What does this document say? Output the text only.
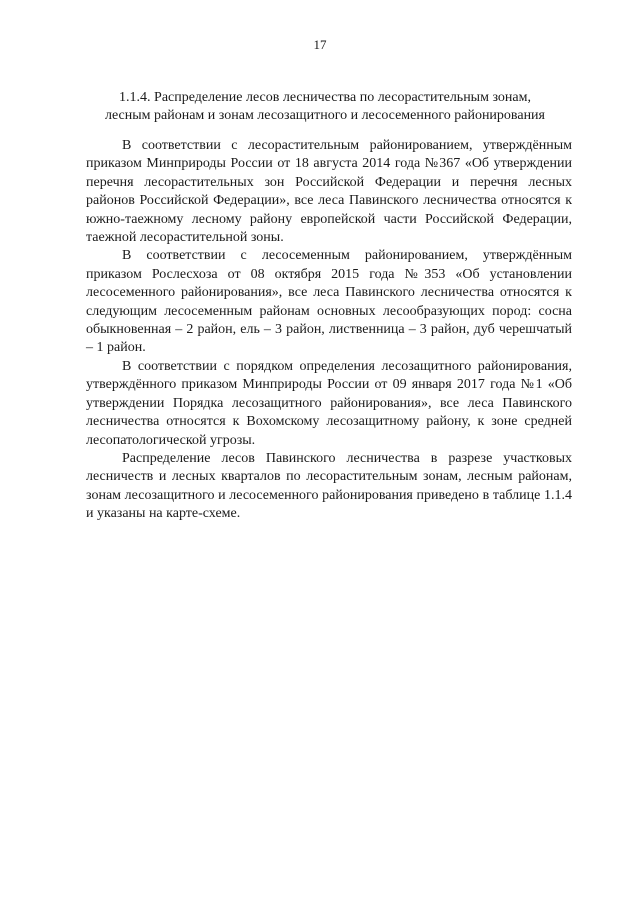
17
1.1.4. Распределение лесов лесничества по лесорастительным зонам,
лесным районам и зонам лесозащитного и лесосеменного районирования

В соответствии с лесорастительным районированием, утверждённым приказом Минприроды России от 18 августа 2014 года №367 «Об утверждении перечня лесорастительных зон Российской Федерации и перечня лесных районов Российской Федерации», все леса Павинского лесничества относятся к южно-таежному лесному району европейской части Российской Федерации, таежной лесорастительной зоны.

В соответствии с лесосеменным районированием, утверждённым приказом Рослесхоза от 08 октября 2015 года №353 «Об установлении лесосеменного районирования», все леса Павинского лесничества относятся к следующим лесосеменным районам основных лесообразующих пород: сосна обыкновенная – 2 район, ель – 3 район, лиственница – 3 район, дуб черешчатый – 1 район.

В соответствии с порядком определения лесозащитного районирования, утверждённого приказом Минприроды России от 09 января 2017 года №1 «Об утверждении Порядка лесозащитного районирования», все леса Павинского лесничества относятся к Вохомскому лесозащитному району, к зоне средней лесопатологической угрозы.

Распределение лесов Павинского лесничества в разрезе участковых лесничеств и лесных кварталов по лесорастительным зонам, лесным районам, зонам лесозащитного и лесосеменного районирования приведено в таблице 1.1.4 и указаны на карте-схеме.
